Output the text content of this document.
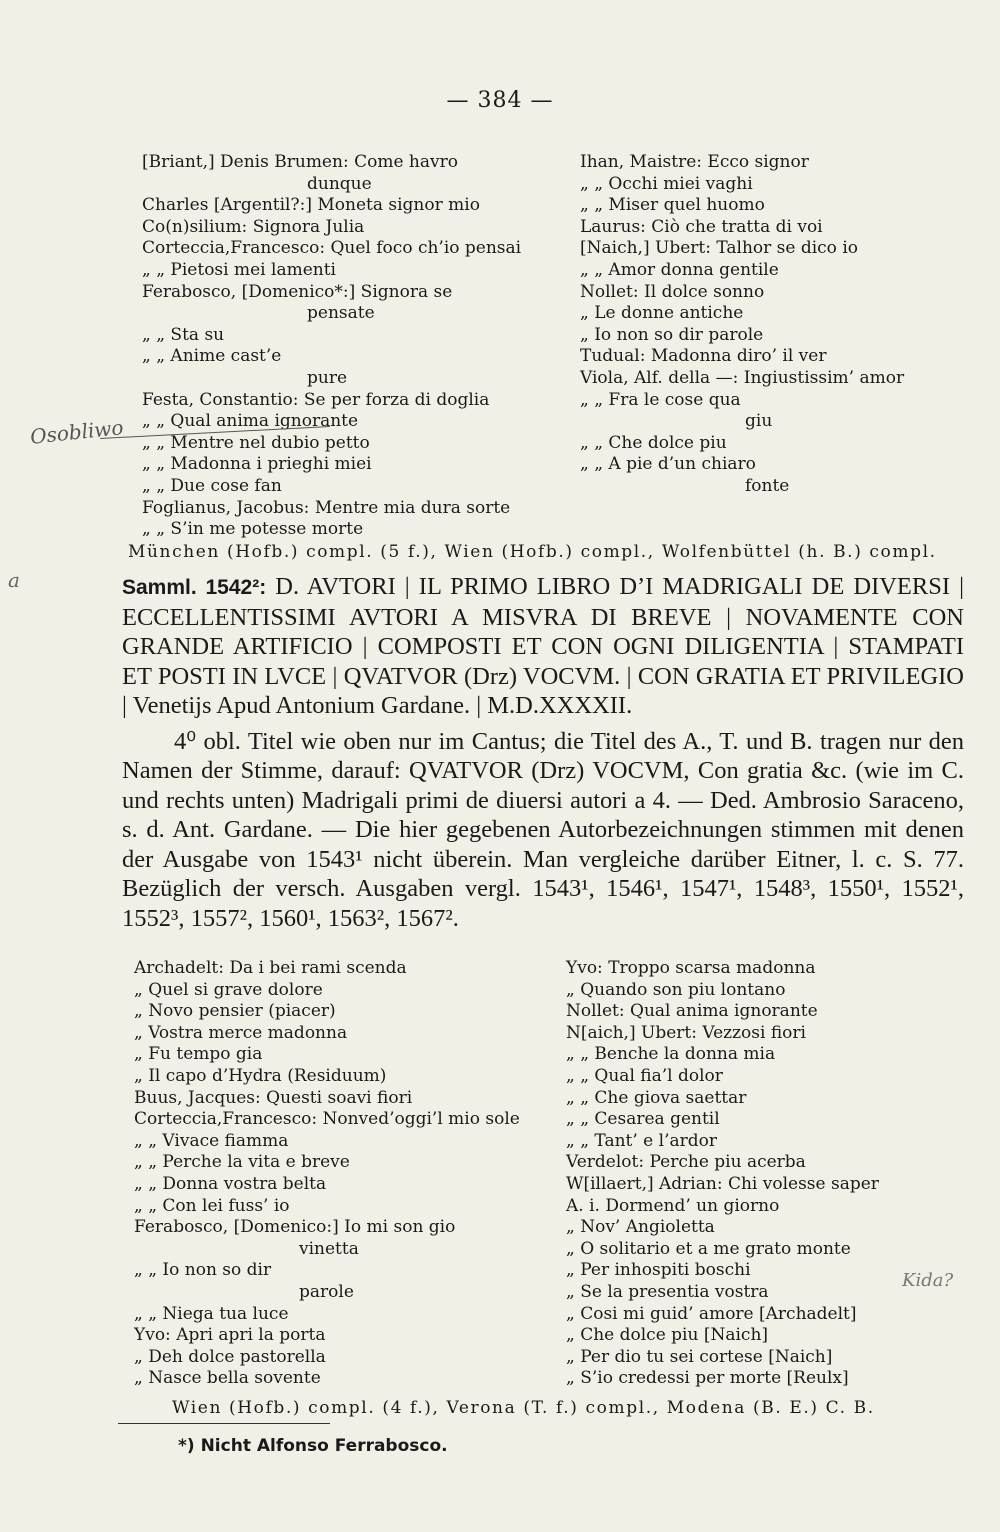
— 384 —
[Briant,] Denis Brumen: Come havro
dunque
Charles [Argentil?:] Moneta signor mio
Co(n)silium: Signora Julia
Corteccia,Francesco: Quel foco ch’io pensai
„ „ Pietosi mei lamenti
Ferabosco, [Domenico*:] Signora se
pensate
„ „ Sta su
„ „ Anime cast’e
pure
Festa, Constantio: Se per forza di doglia
„ „ Qual anima ignorante
„ „ Mentre nel dubio petto
„ „ Madonna i prieghi miei
„ „ Due cose fan
Foglianus, Jacobus: Mentre mia dura sorte
„ „ S’in me potesse morte
Ihan, Maistre: Ecco signor
„ „ Occhi miei vaghi
„ „ Miser quel huomo
Laurus: Ciò che tratta di voi
[Naich,] Ubert: Talhor se dico io
„ „ Amor donna gentile
Nollet: Il dolce sonno
„ Le donne antiche
„ Io non so dir parole
Tudual: Madonna diro’ il ver
Viola, Alf. della —: Ingiustissim’ amor
„ „ Fra le cose qua
giu
„ „ Che dolce piu
„ „ A pie d’un chiaro
fonte
Osobliwo
München (Hofb.) compl. (5 f.), Wien (Hofb.) compl., Wolfenbüttel (h. B.) compl.
a	Samml. 1542²: D. AVTORI | IL PRIMO LIBRO D’I MADRIGALI DE DIVERSI | ECCELLENTISSIMI AVTORI A MISVRA DI BREVE | NOVAMENTE CON GRANDE ARTIFICIO | COMPOSTI ET CON OGNI DILIGENTIA | STAMPATI ET POSTI IN LVCE | QVATVOR (Drz) VOCVM. | CON GRATIA ET PRIVILEGIO | Venetijs Apud Antonium Gardane. | M.D.XXXXII.

4⁰ obl. Titel wie oben nur im Cantus; die Titel des A., T. und B. tragen nur den Namen der Stimme, darauf: QVATVOR (Drz) VOCVM, Con gratia &c. (wie im C. und rechts unten) Madrigali primi de diuersi autori a 4. — Ded. Ambrosio Saraceno, s. d. Ant. Gardane. — Die hier gegebenen Autorbezeichnungen stimmen mit denen der Ausgabe von 1543¹ nicht überein. Man vergleiche darüber Eitner, l. c. S. 77. Bezüglich der versch. Ausgaben vergl. 1543¹, 1546¹, 1547¹, 1548³, 1550¹, 1552¹, 1552³, 1557², 1560¹, 1563², 1567².

Archadelt: Da i bei rami scenda
„ Quel si grave dolore
„ Novo pensier (piacer)
„ Vostra merce madonna
„ Fu tempo gia
„ Il capo d’Hydra (Residuum)
Buus, Jacques: Questi soavi fiori
Corteccia,Francesco: Nonved’oggi’l mio sole
„ „ Vivace fiamma
„ „ Perche la vita e breve
„ „ Donna vostra belta
„ „ Con lei fuss’ io
Ferabosco, [Domenico:] Io mi son gio
vinetta
„ „ Io non so dir
parole
„ „ Niega tua luce
Yvo: Apri apri la porta
„ Deh dolce pastorella
„ Nasce bella sovente
Yvo: Troppo scarsa madonna
„ Quando son piu lontano
Nollet: Qual anima ignorante
N[aich,] Ubert: Vezzosi fiori
„ „ Benche la donna mia
„ „ Qual fia’l dolor
„ „ Che giova saettar
„ „ Cesarea gentil
„ „ Tant’ e l’ardor
Verdelot: Perche piu acerba
W[illaert,] Adrian: Chi volesse saper
A. i. Dormend’ un giorno
„ Nov’ Angioletta
„ O solitario et a me grato monte
„ Per inhospiti boschi
„ Se la presentia vostra
„ Cosi mi guid’ amore [Archadelt]
„ Che dolce piu [Naich]
„ Per dio tu sei cortese [Naich]
„ S’io credessi per morte [Reulx]
Kida?
Wien (Hofb.) compl. (4 f.), Verona (T. f.) compl., Modena (B. E.) C. B.
*) Nicht Alfonso Ferrabosco.
